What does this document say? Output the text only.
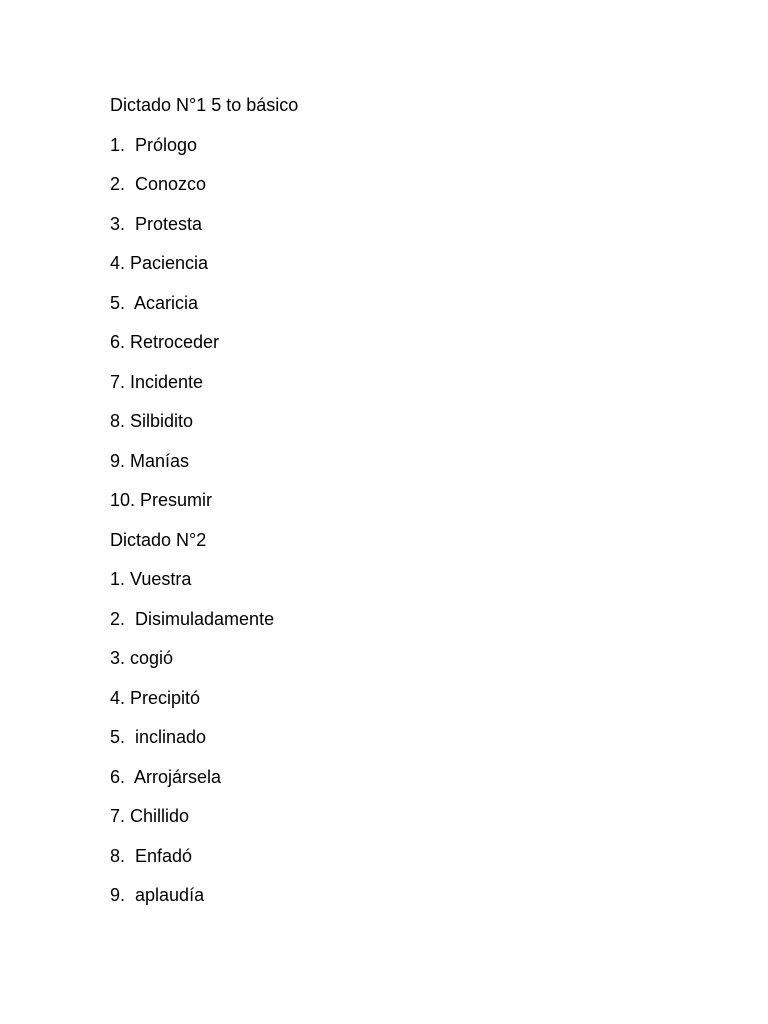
Dictado N°1 5 to básico

1.  Prólogo

2.  Conozco

3.  Protesta

4. Paciencia

5.  Acaricia

6. Retroceder

7. Incidente

8. Silbidito

9. Manías

10. Presumir

Dictado N°2

1. Vuestra

2.  Disimuladamente

3. cogió

4. Precipitó

5.  inclinado

6.  Arrojársela

7. Chillido

8.  Enfadó

9.  aplaudía
